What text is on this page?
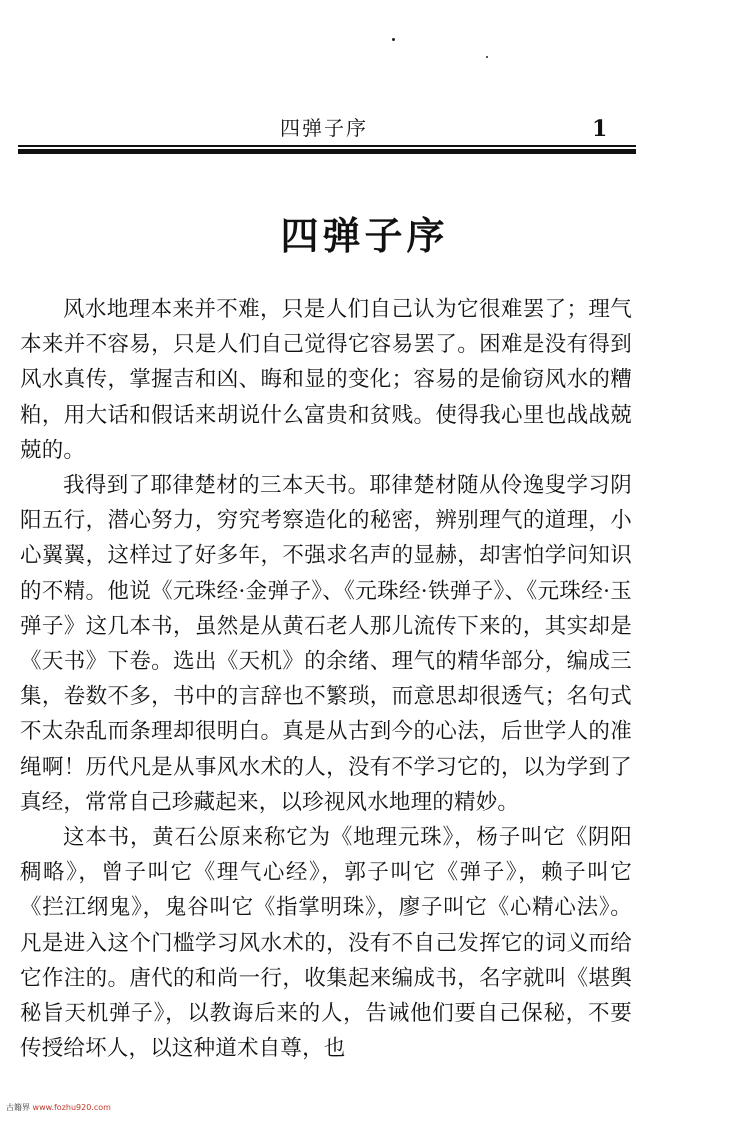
四弹子序	1
四弹子序

风水地理本来并不难，只是人们自己认为它很难罢了；理气本来并不容易，只是人们自己觉得它容易罢了。困难是没有得到风水真传，掌握吉和凶、晦和显的变化；容易的是偷窃风水的糟粕，用大话和假话来胡说什么富贵和贫贱。使得我心里也战战兢兢的。

我得到了耶律楚材的三本天书。耶律楚材随从伶逸叟学习阴阳五行，潜心努力，穷究考察造化的秘密，辨别理气的道理，小心翼翼，这样过了好多年，不强求名声的显赫，却害怕学问知识的不精。他说《元珠经·金弹子》、《元珠经·铁弹子》、《元珠经·玉弹子》这几本书，虽然是从黄石老人那儿流传下来的，其实却是《天书》下卷。选出《天机》的余绪、理气的精华部分，编成三集，卷数不多，书中的言辞也不繁琐，而意思却很透气；名句式不太杂乱而条理却很明白。真是从古到今的心法，后世学人的准绳啊！历代凡是从事风水术的人，没有不学习它的，以为学到了真经，常常自己珍藏起来，以珍视风水地理的精妙。

这本书，黄石公原来称它为《地理元珠》，杨子叫它《阴阳稠略》，曾子叫它《理气心经》，郭子叫它《弹子》，赖子叫它《拦江纲鬼》，鬼谷叫它《指掌明珠》，廖子叫它《心精心法》。凡是进入这个门槛学习风水术的，没有不自己发挥它的词义而给它作注的。唐代的和尚一行，收集起来编成书，名字就叫《堪舆秘旨天机弹子》，以教诲后来的人，告诫他们要自己保秘，不要传授给坏人，以这种道术自尊，也

古籍界 www.fozhu920.com
